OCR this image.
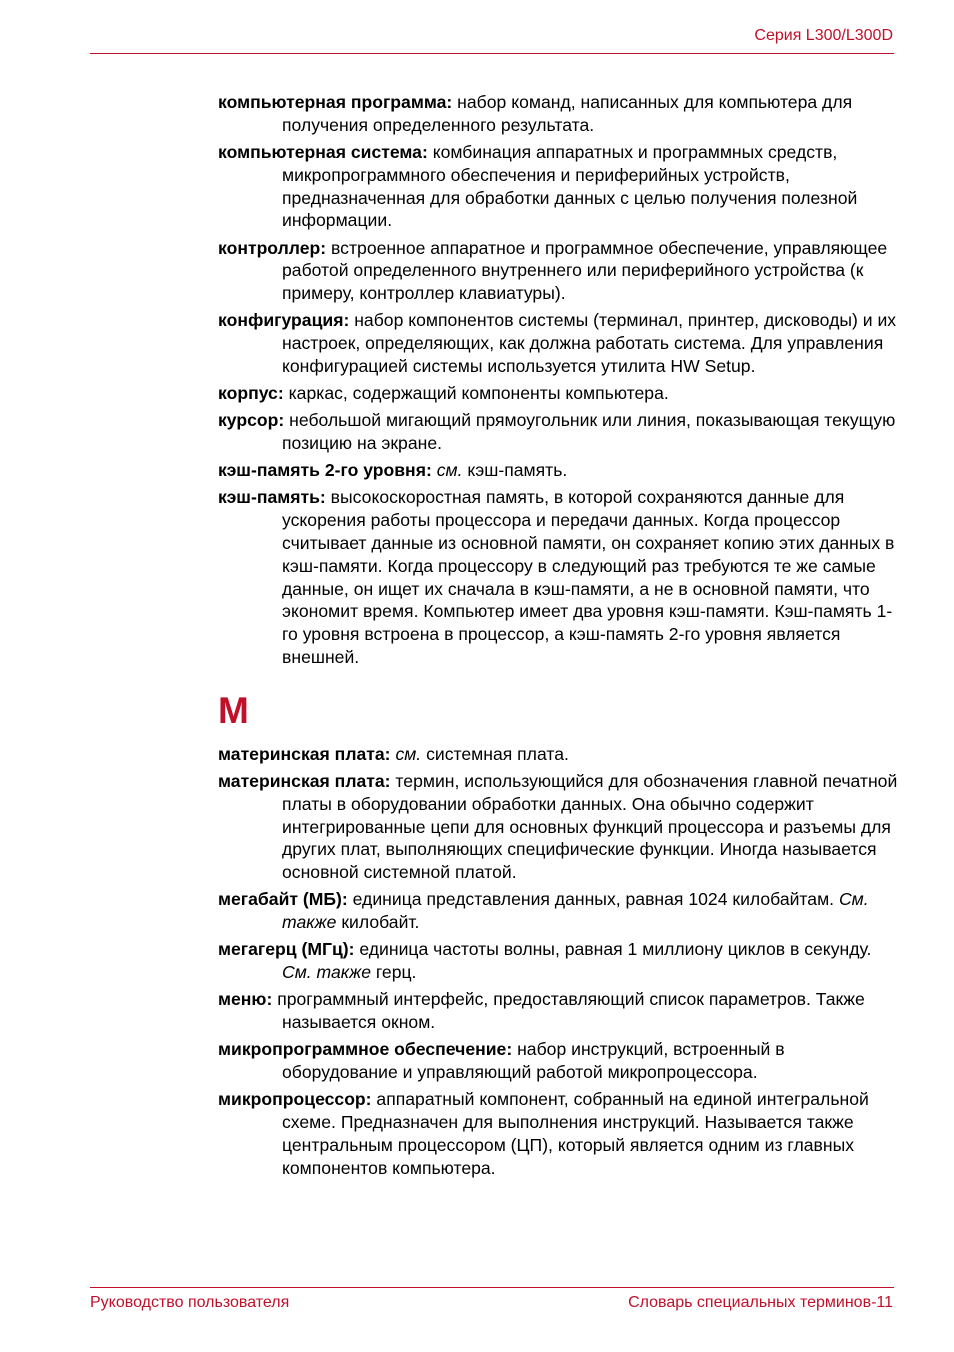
Серия L300/L300D

компьютерная программа: набор команд, написанных для компьютера для получения определенного результата.

компьютерная система: комбинация аппаратных и программных средств, микропрограммного обеспечения и периферийных устройств, предназначенная для обработки данных с целью получения полезной информации.

контроллер: встроенное аппаратное и программное обеспечение, управляющее работой определенного внутреннего или периферийного устройства (к примеру, контроллер клавиатуры).

конфигурация: набор компонентов системы (терминал, принтер, дисководы) и их настроек, определяющих, как должна работать система. Для управления конфигурацией системы используется утилита HW Setup.

корпус: каркас, содержащий компоненты компьютера.

курсор: небольшой мигающий прямоугольник или линия, показывающая текущую позицию на экране.

кэш-память 2-го уровня: см. кэш-память.

кэш-память: высокоскоростная память, в которой сохраняются данные для ускорения работы процессора и передачи данных. Когда процессор считывает данные из основной памяти, он сохраняет копию этих данных в кэш-памяти. Когда процессору в следующий раз требуются те же самые данные, он ищет их сначала в кэш-памяти, а не в основной памяти, что экономит время. Компьютер имеет два уровня кэш-памяти. Кэш-память 1-го уровня встроена в процессор, а кэш-память 2-го уровня является внешней.

М

материнская плата: см. системная плата.

материнская плата: термин, использующийся для обозначения главной печатной платы в оборудовании обработки данных. Она обычно содержит интегрированные цепи для основных функций процессора и разъемы для других плат, выполняющих специфические функции. Иногда называется основной системной платой.

мегабайт (МБ): единица представления данных, равная 1024 килобайтам. См. также килобайт.

мегагерц (МГц): единица частоты волны, равная 1 миллиону циклов в секунду. См. также герц.

меню: программный интерфейс, предоставляющий список параметров. Также называется окном.

микропрограммное обеспечение: набор инструкций, встроенный в оборудование и управляющий работой микропроцессора.

микропроцессор: аппаратный компонент, собранный на единой интегральной схеме. Предназначен для выполнения инструкций. Называется также центральным процессором (ЦП), который является одним из главных компонентов компьютера.

Руководство пользователя	Словарь специальных терминов-11
